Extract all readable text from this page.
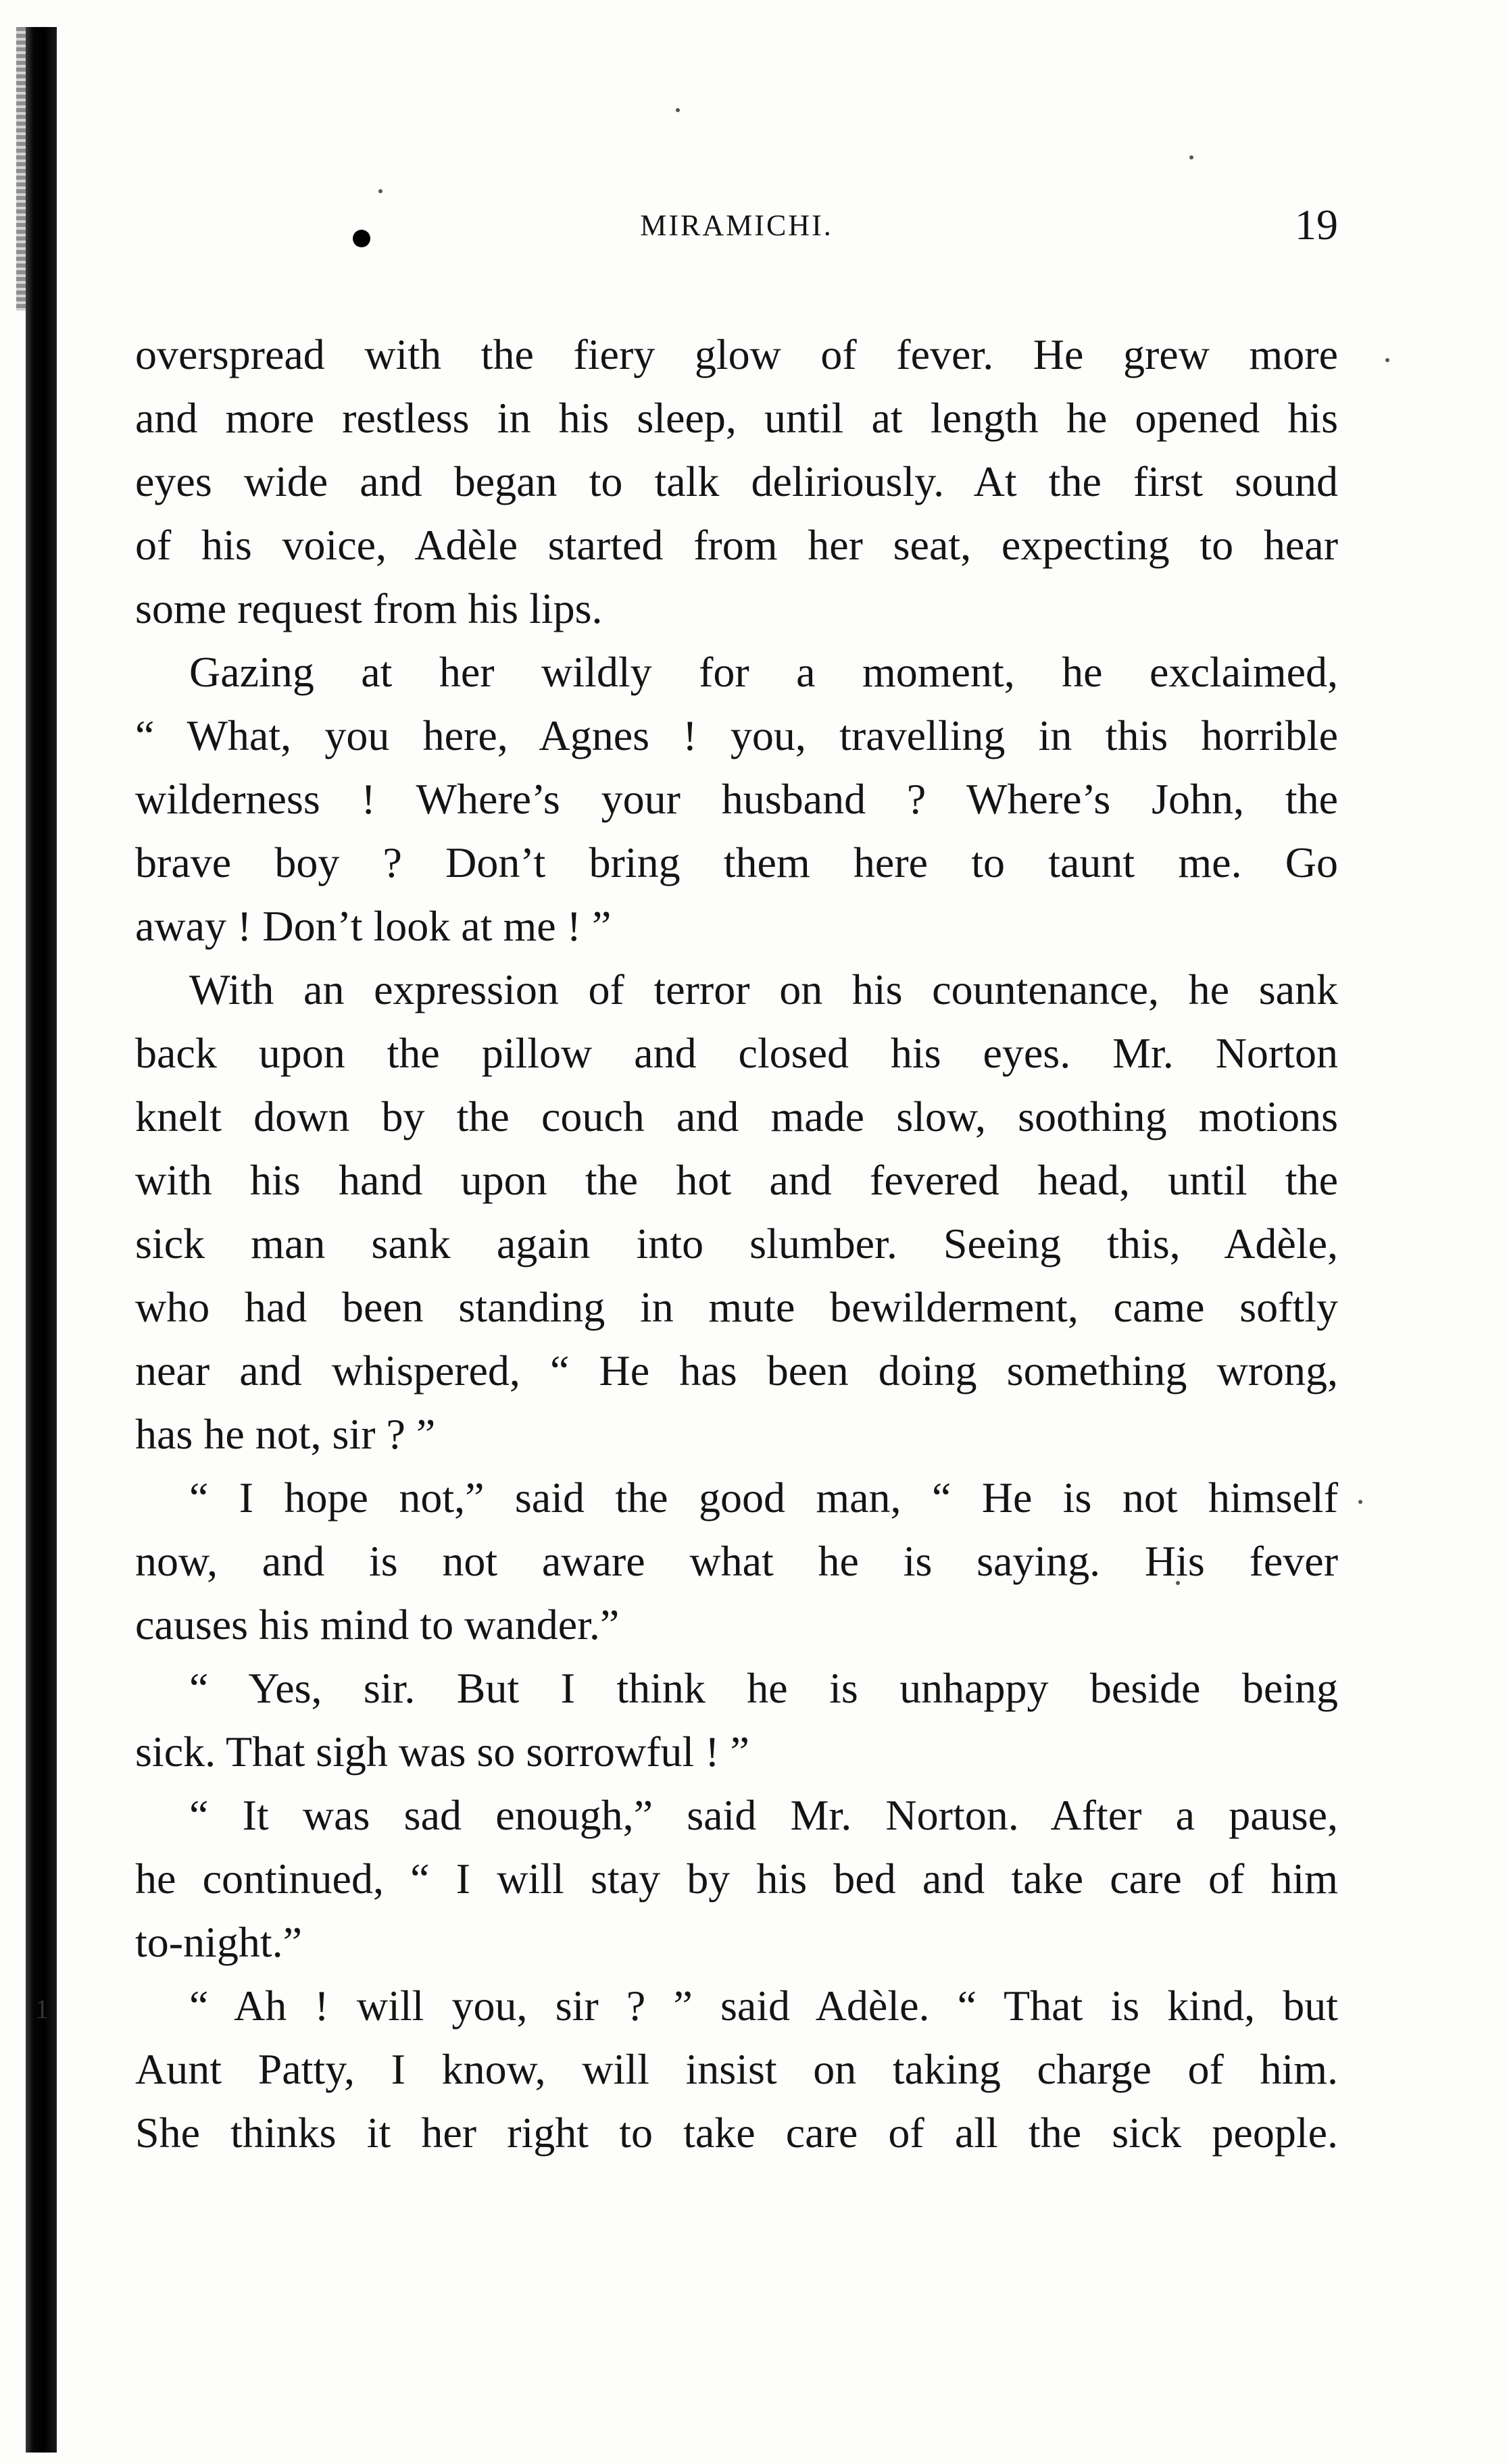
MIRAMICHI.	19
1
overspread with the fiery glow of fever. He grew more
and more restless in his sleep, until at length he opened his
eyes wide and began to talk deliriously. At the first sound
of his voice, Adèle started from her seat, expecting to hear
some request from his lips.
Gazing at her wildly for a moment, he exclaimed,
“ What, you here, Agnes ! you, travelling in this horrible
wilderness ! Where’s your husband ? Where’s John, the
brave boy ? Don’t bring them here to taunt me. Go
away ! Don’t look at me ! ”
With an expression of terror on his countenance, he sank
back upon the pillow and closed his eyes. Mr. Norton
knelt down by the couch and made slow, soothing motions
with his hand upon the hot and fevered head, until the
sick man sank again into slumber. Seeing this, Adèle,
who had been standing in mute bewilderment, came softly
near and whispered, “ He has been doing something wrong,
has he not, sir ? ”
“ I hope not,” said the good man, “ He is not himself
now, and is not aware what he is saying. His fever
causes his mind to wander.”
“ Yes, sir. But I think he is unhappy beside being
sick. That sigh was so sorrowful ! ”
“ It was sad enough,” said Mr. Norton. After a pause,
he continued, “ I will stay by his bed and take care of him
to-night.”
“ Ah ! will you, sir ? ” said Adèle. “ That is kind, but
Aunt Patty, I know, will insist on taking charge of him.
She thinks it her right to take care of all the sick people.
